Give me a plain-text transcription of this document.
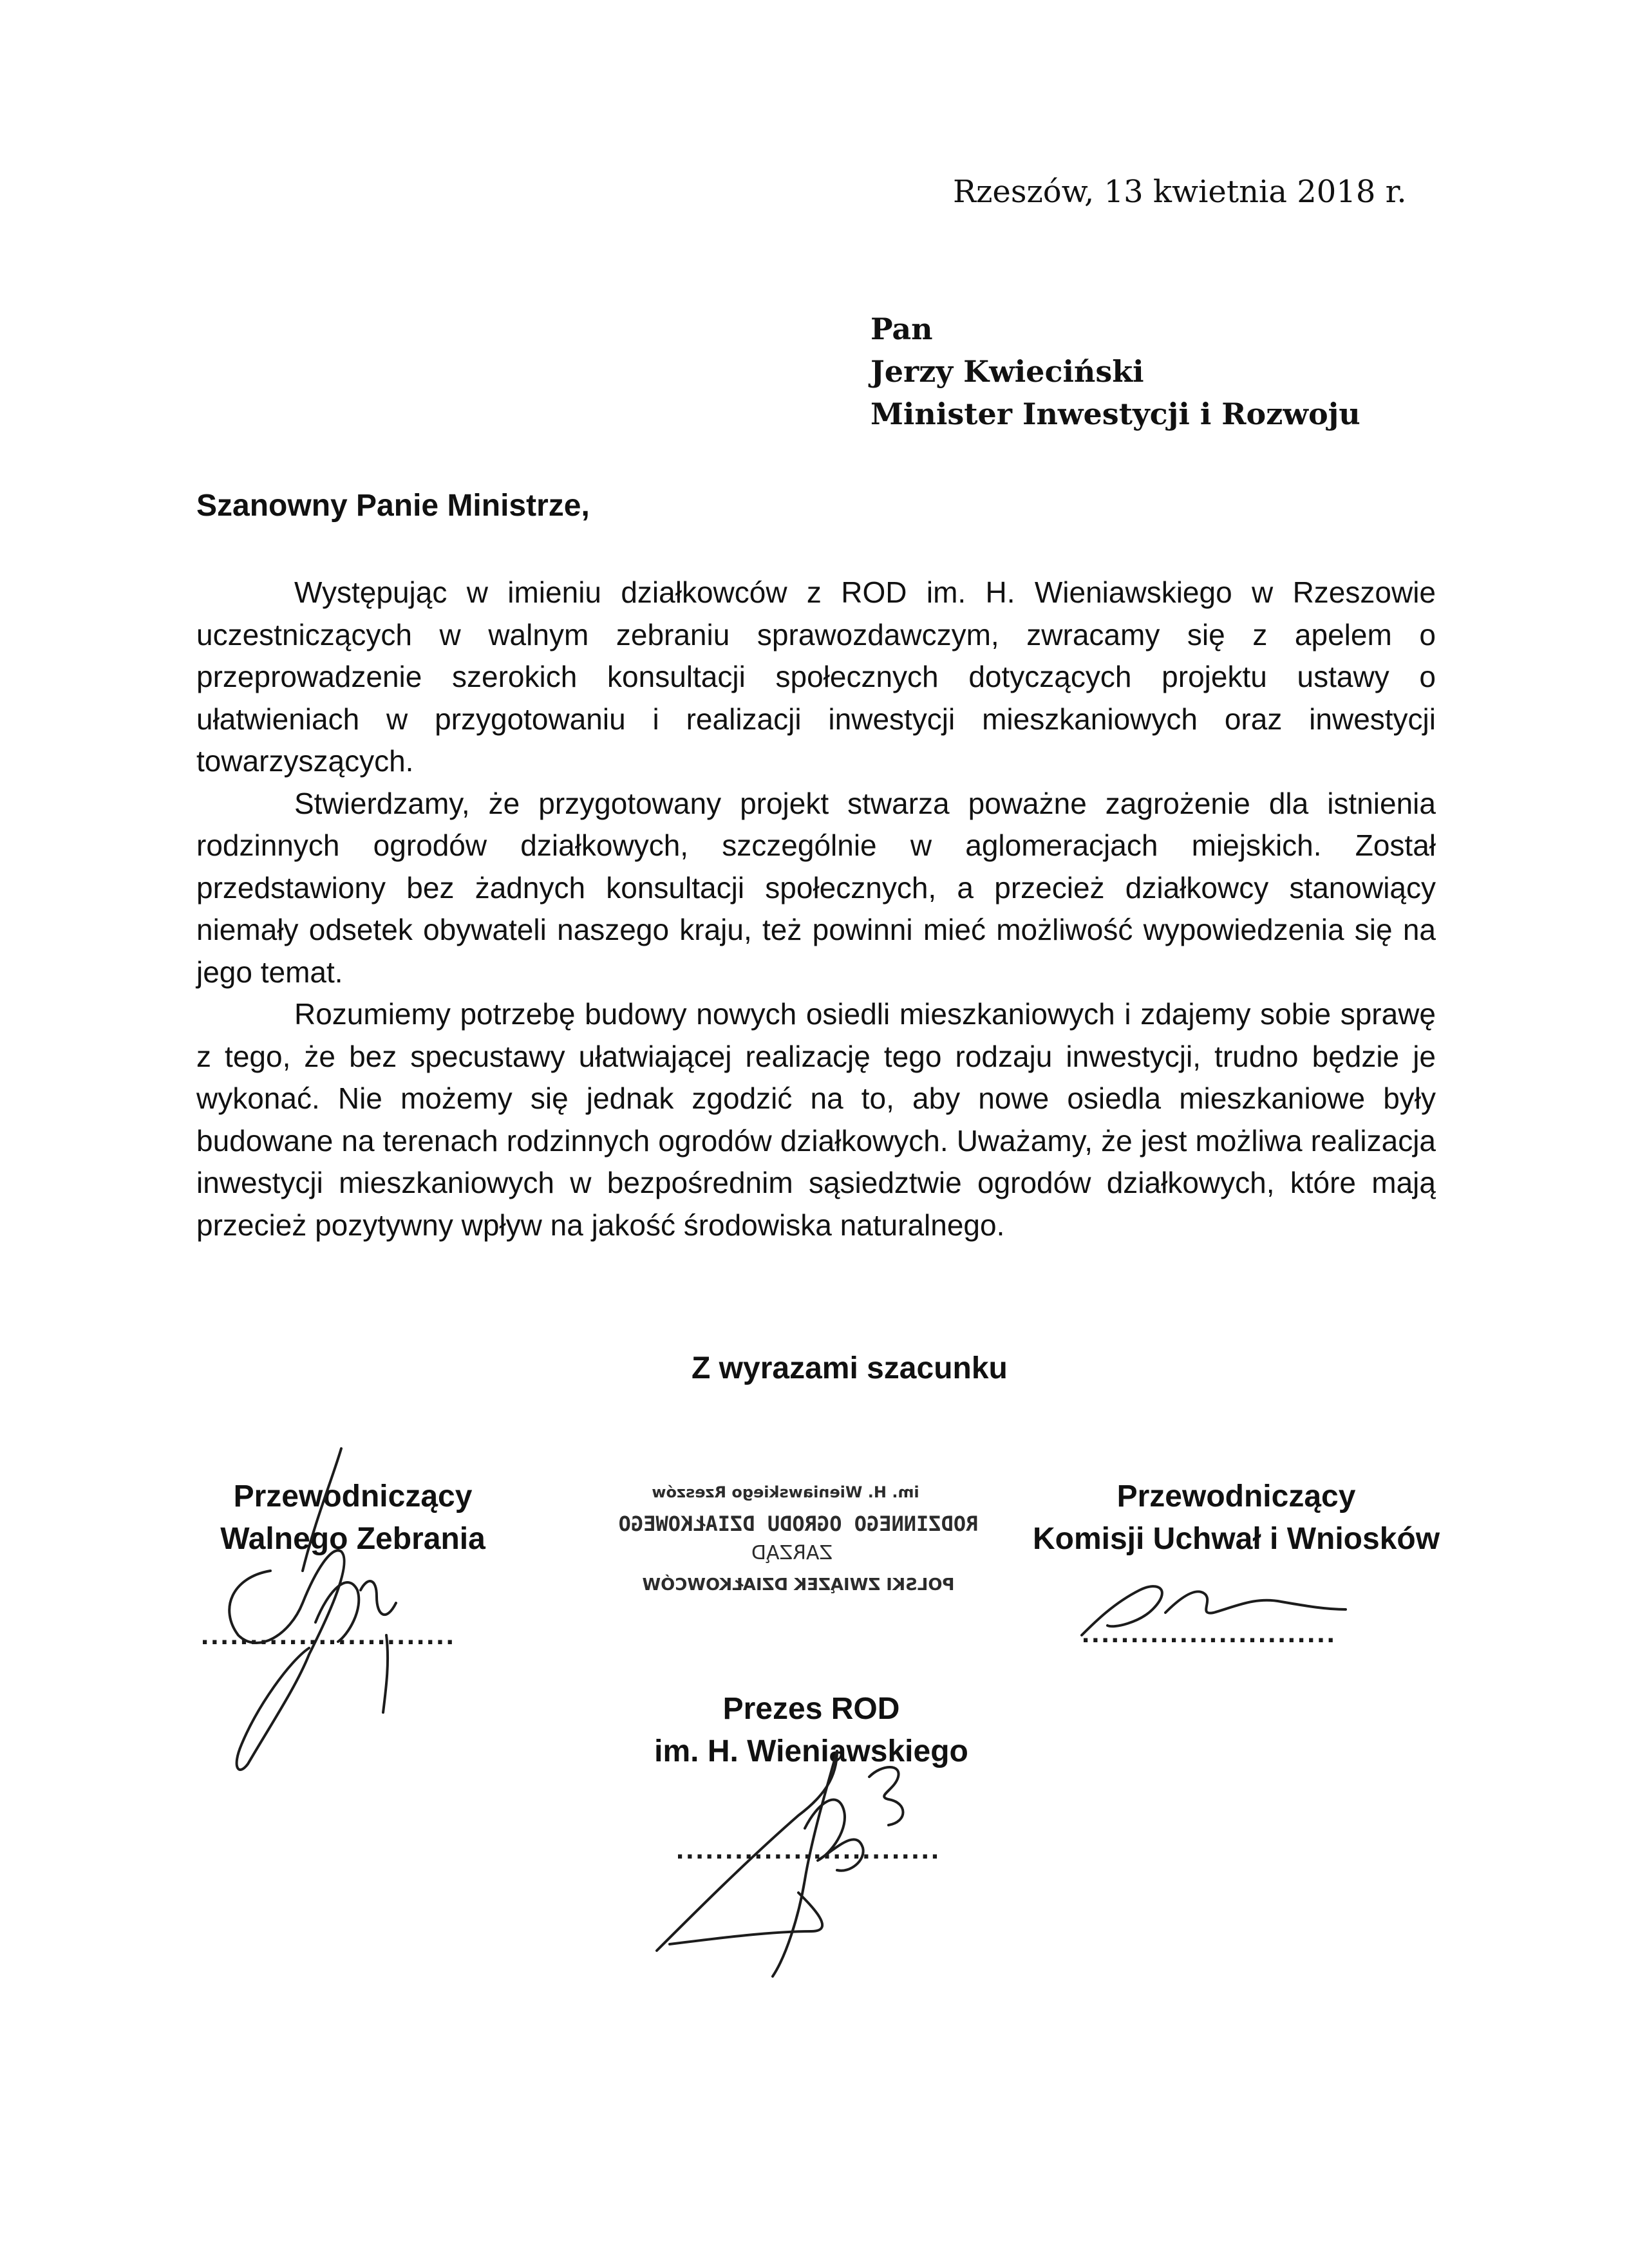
Rzeszów, 13 kwietnia 2018 r.
Pan
Jerzy Kwieciński
Minister Inwestycji i Rozwoju
Szanowny Panie Ministrze,

Występując w imieniu działkowców z ROD im. H. Wieniawskiego w Rzeszowie uczestniczących w walnym zebraniu sprawozdawczym, zwracamy się z apelem o przeprowadzenie szerokich konsultacji społecznych dotyczących projektu ustawy o ułatwieniach w przygotowaniu i realizacji inwestycji mieszkaniowych oraz inwestycji towarzyszących.

Stwierdzamy, że przygotowany projekt stwarza poważne zagrożenie dla istnienia rodzinnych ogrodów działkowych, szczególnie w aglomeracjach miejskich. Został przedstawiony bez żadnych konsultacji społecznych, a przecież działkowcy stanowiący niemały odsetek obywateli naszego kraju, też powinni mieć możliwość wypowiedzenia się na jego temat.

Rozumiemy potrzebę budowy nowych osiedli mieszkaniowych i zdajemy sobie sprawę z tego, że bez specustawy ułatwiającej realizację tego rodzaju inwestycji, trudno będzie je wykonać. Nie możemy się jednak zgodzić na to, aby nowe osiedla mieszkaniowe były budowane na terenach rodzinnych ogrodów działkowych. Uważamy, że jest możliwa realizacja inwestycji mieszkaniowych w bezpośrednim sąsiedztwie ogrodów działkowych, które mają przecież pozytywny wpływ na jakość środowiska naturalnego.

Z wyrazami szacunku
Przewodniczący
Walnego Zebrania
..........................
im. H. Wieniawskiego Rzeszów
RODZINNEGO OGRODU DZIAŁKOWEGO
ZARZĄD
POLSKI ZWIĄZEK DZIAŁKOWCÓW
Przewodniczący
Komisji Uchwał i Wniosków
..........................
Prezes ROD
im. H. Wieniawskiego
...........................
